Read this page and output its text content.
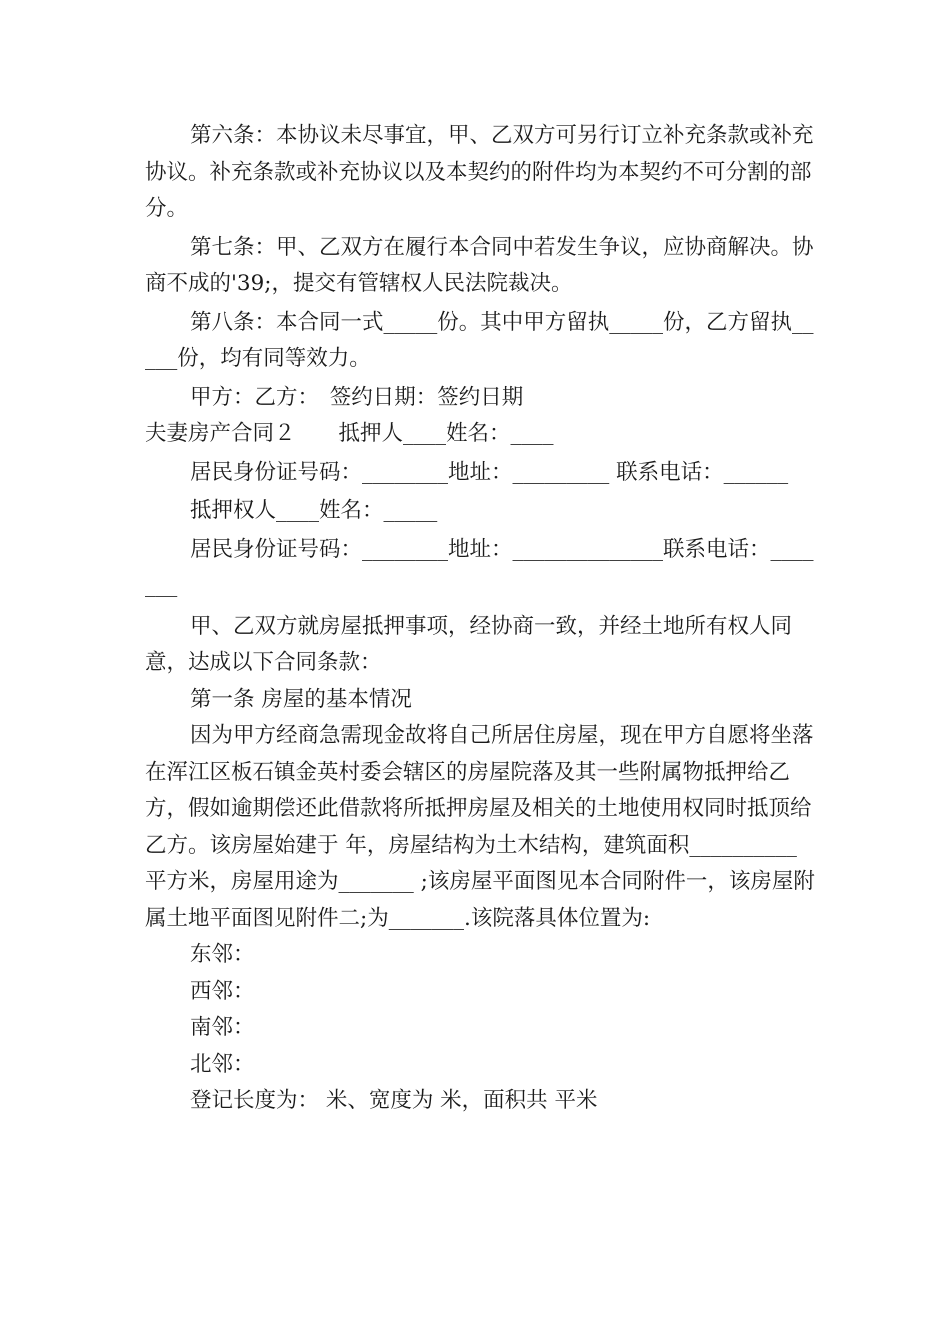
第六条：本协议未尽事宜，甲、乙双方可另行订立补充条款或补充协议。补充条款或补充协议以及本契约的附件均为本契约不可分割的部分。

第七条：甲、乙双方在履行本合同中若发生争议，应协商解决。协商不成的'39;，提交有管辖权人民法院裁决。

第八条：本合同一式_____份。其中甲方留执_____份，乙方留执_____份，均有同等效力。

甲方：乙方：　签约日期：签约日期

夫妻房产合同２　　抵押人____姓名：____

居民身份证号码：________地址：_________ 联系电话：______

抵押权人____姓名：_____

居民身份证号码：________地址：______________联系电话：_______

甲、乙双方就房屋抵押事项，经协商一致，并经土地所有权人同意，达成以下合同条款：

第一条 房屋的基本情况

因为甲方经商急需现金故将自己所居住房屋，现在甲方自愿将坐落在浑江区板石镇金英村委会辖区的房屋院落及其一些附属物抵押给乙方，假如逾期偿还此借款将所抵押房屋及相关的土地使用权同时抵顶给乙方。该房屋始建于 年，房屋结构为土木结构，建筑面积__________平方米，房屋用途为_______ ;该房屋平面图见本合同附件一，该房屋附属土地平面图见附件二;为_______.该院落具体位置为:

东邻：

西邻：

南邻：

北邻：

登记长度为： 米、宽度为 米，面积共 平米
